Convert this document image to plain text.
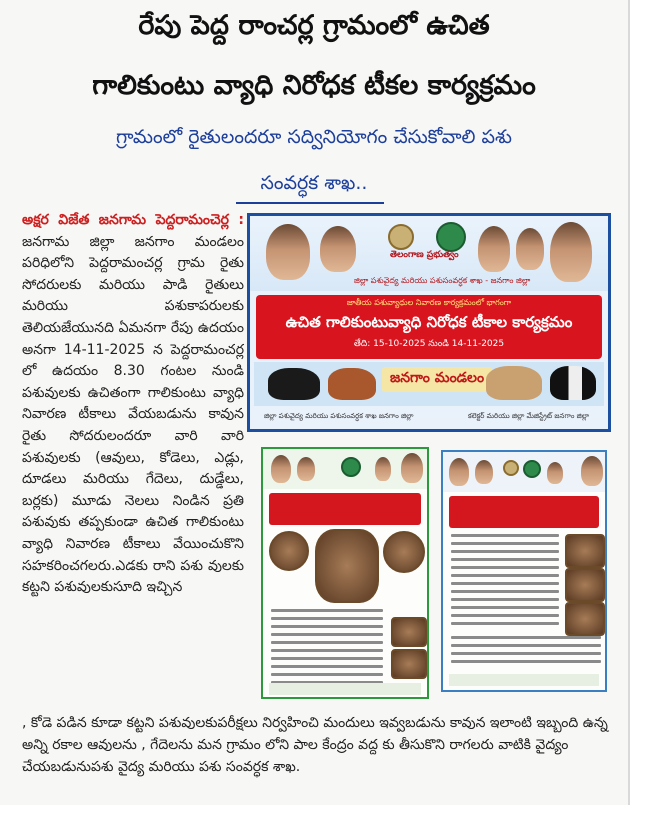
రేపు పెద్ద రాంచర్ల గ్రామంలో ఉచిత
గాలికుంటు వ్యాధి నిరోధక టీకల కార్యక్రమం
గ్రామంలో రైతులందరూ సద్వినియోగం చేసుకోవాలి పశు
సంవర్ధక శాఖ..
అక్షర విజేత జనగామ పెద్దరామంచెర్ల : జనగామ జిల్లా జనగాం మండలం పరిధిలోని పెద్దరామంచర్ల గ్రామ రైతు సోదరులకు మరియు పాడి రైతులు మరియు పశుకాపరులకు తెలియజేయునది ఏమనగా రేపు ఉదయం అనగా 14-11-2025 న పెద్దరామంచర్ల లో ఉదయం 8.30 గంటల నుండి పశువులకు ఉచితంగా గాలికుంటు వ్యాధి నివారణ టీకాలు వేయబడును కావున రైతు సోదరులందరూ వారి వారి పశువులకు (ఆవులు, కోడెలు, ఎడ్లు, దూడలు మరియు గేదెలు, దుడ్డేలు, బర్లకు) మూడు నెలలు నిండిన ప్రతి పశువుకు తప్పకుండా ఉచిత గాలికుంటు వ్యాధి నివారణ టీకాలు వేయించుకొని సహకరించగలరు.ఎడకు రాని పశు వులకు కట్టని పశువులకుసూది ఇచ్చిన
తెలంగాణ ప్రభుత్వం
జిల్లా పశువైద్య మరియు పశుసంవర్ధక శాఖ - జనగాం జిల్లా
జాతీయ పశువ్యాధుల నివారణ కార్యక్రమంలో భాగంగా
ఉచిత గాలికుంటువ్యాధి నిరోధక టీకాల కార్యక్రమం
తేది: 15-10-2025 నుండి 14-11-2025
జనగాం మండలం
జిల్లా పశువైద్య మరియు పశుసంవర్ధక శాఖ జనగాం జిల్లా	కలెక్టర్ మరియు జిల్లా మేజిస్ట్రేట్ జనగాం జిల్లా
, కోడె పడిన కూడా కట్టని పశువులకుపరీక్షలు నిర్వహించి మందులు ఇవ్వబడును కావున ఇలాంటి ఇబ్బంది ఉన్న అన్ని రకాల ఆవులను , గేదెలను మన గ్రామం లోని పాల కేంద్రం వద్ద కు తీసుకొని రాగలరు వాటికి వైద్యం చేయబడునుపశు వైద్య మరియు పశు సంవర్ధక శాఖ.
